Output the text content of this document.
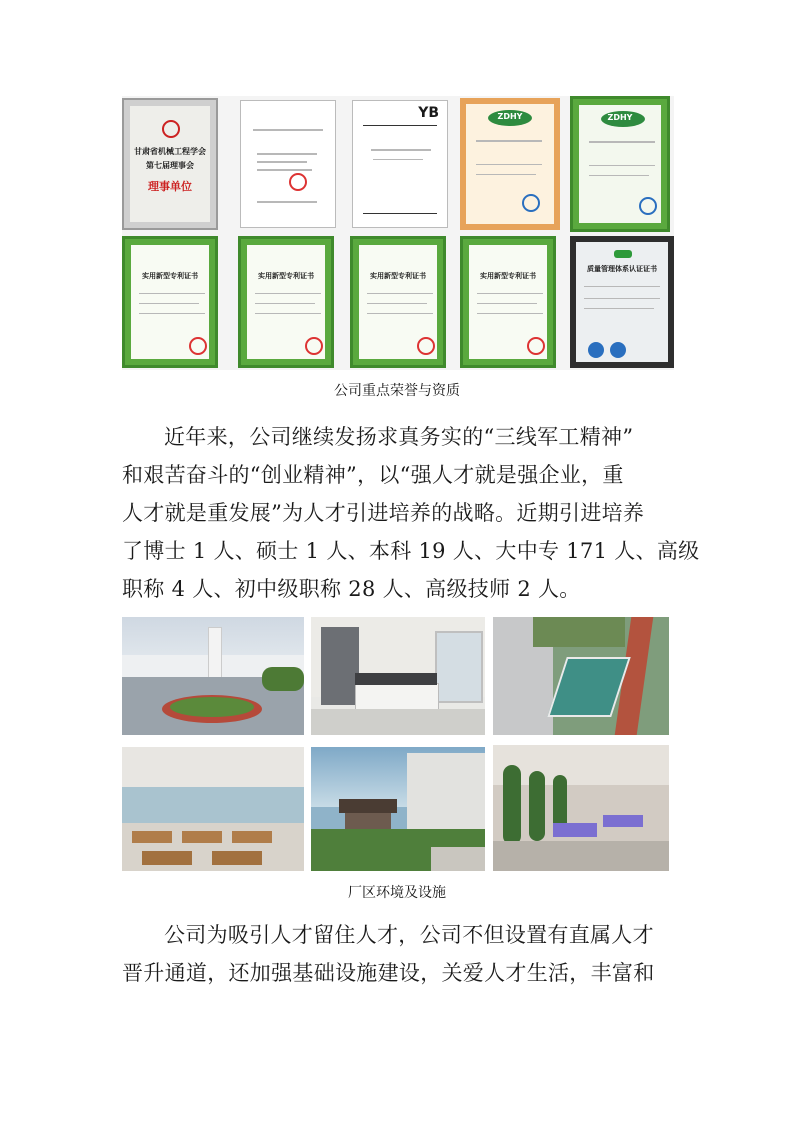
甘肃省机械工程学会
第七届理事会
理事单位
YB	ZDHY	ZDHY
实用新型专利证书	实用新型专利证书	实用新型专利证书	实用新型专利证书
质量管理体系认证证书
公司重点荣誉与资质
近年来，公司继续发扬求真务实的“三线军工精神”
和艰苦奋斗的“创业精神”，以“强人才就是强企业，重
人才就是重发展”为人才引进培养的战略。近期引进培养
了博士 1 人、硕士 1 人、本科 19 人、大中专 171 人、高级
职称 4 人、初中级职称 28 人、高级技师 2 人。
厂区环境及设施
公司为吸引人才留住人才，公司不但设置有直属人才
晋升通道，还加强基础设施建设，关爱人才生活，丰富和
